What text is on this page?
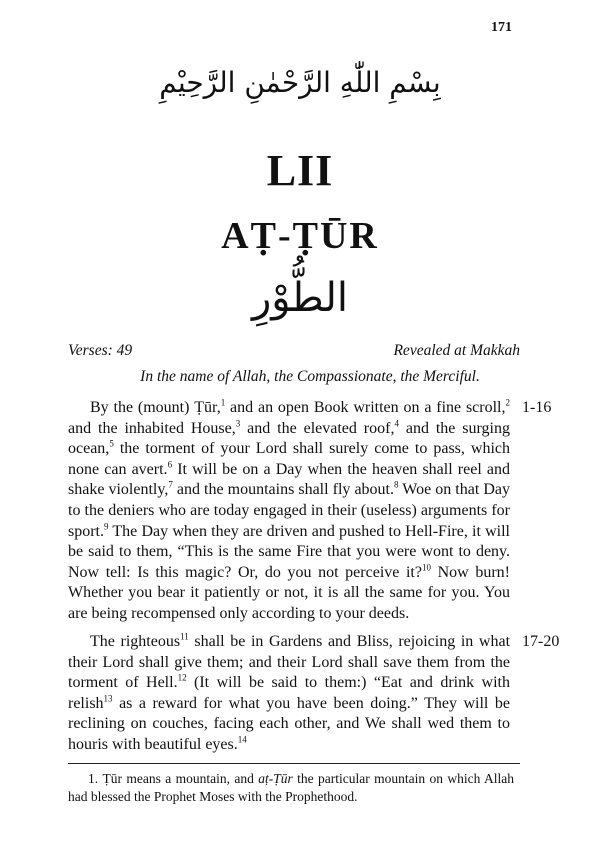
171
بِسْمِ اللّٰهِ الرَّحْمٰنِ الرَّحِيْمِ
LII
AṬ-ṬŪR
الطُّوْرِ
Verses: 49	Revealed at Makkah
In the name of Allah, the Compassionate, the Merciful.
By the (mount) Ṭūr,$^1$ and an open Book written on a fine scroll,$^2$ and the inhabited House,$^3$ and the elevated roof,$^4$ and the surging ocean,$^5$ the torment of your Lord shall surely come to pass, which none can avert.$^6$ It will be on a Day when the heaven shall reel and shake violently,$^7$ and the mountains shall fly about.$^8$ Woe on that Day to the deniers who are today engaged in their (useless) arguments for sport.$^9$ The Day when they are driven and pushed to Hell-Fire, it will be said to them, “This is the same Fire that you were wont to deny. Now tell: Is this magic? Or, do you not perceive it?$^{10}$ Now burn! Whether you bear it patiently or not, it is all the same for you. You are being recompensed only according to your deeds.
1-16
The righteous$^{11}$ shall be in Gardens and Bliss, rejoicing in what their Lord shall give them; and their Lord shall save them from the torment of Hell.$^{12}$ (It will be said to them:) “Eat and drink with relish$^{13}$ as a reward for what you have been doing.” They will be reclining on couches, facing each other, and We shall wed them to houris with beautiful eyes.$^{14}$
17-20
1. Ṭūr means a mountain, and aṭ-Ṭūr the particular mountain on which Allah had blessed the Prophet Moses with the Prophethood.
